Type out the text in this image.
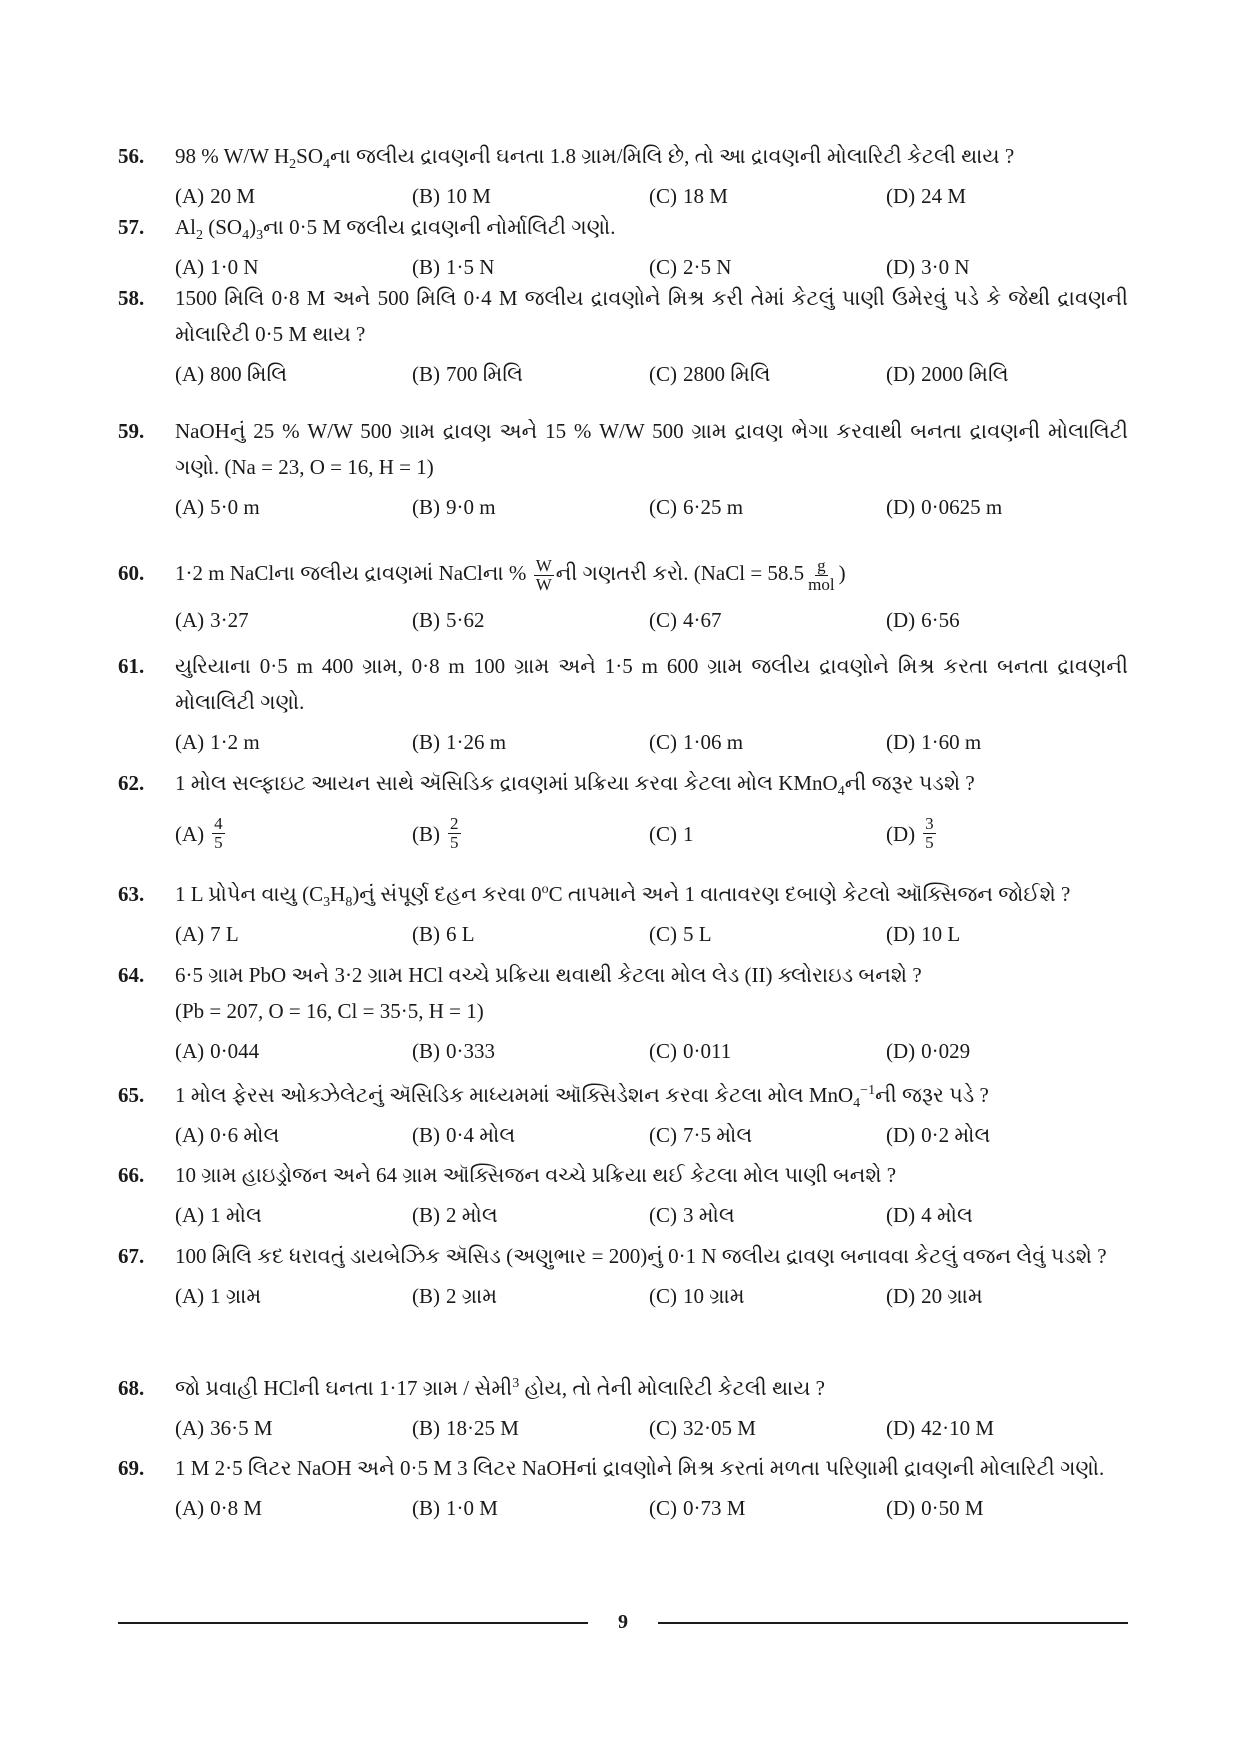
56.	98 % W/W $H_2SO_4ના$ જલીય દ્રાવણની ઘનતા 1.8 ગ્રામ/મિલિ છે, તો આ દ્રાવણની મોલારિટી કેટલી થાય ?
(A) 20 M	(B) 10 M	(C) 18 M	(D) 24 M
57.	$Al_2$ $(SO_4)_3ના$ 0·5 M જલીય દ્રાવણની નોર્માલિટી ગણો.
(A) 1·0 N	(B) 1·5 N	(C) 2·5 N	(D) 3·0 N
58.	1500 મિલિ 0·8 M અને 500 મિલિ 0·4 M જલીય દ્રાવણોને મિશ્ર કરી તેમાં કેટલું પાણી ઉમેરવું પડે કે જેથી દ્રાવણની મોલારિટી 0·5 M થાય ?
(A) 800 મિલિ	(B) 700 મિલિ	(C) 2800 મિલિ	(D) 2000 મિલિ
59.	NaOHનું 25 % W/W 500 ગ્રામ દ્રાવણ અને 15 % W/W 500 ગ્રામ દ્રાવણ ભેગા કરવાથી બનતા દ્રાવણની મોલાલિટી ગણો. (Na = 23, O = 16, H = 1)
(A) 5·0 m	(B) 9·0 m	(C) 6·25 m	(D) 0·0625 m
60.	1·2 m NaClના જલીય દ્રાવણમાં NaClના % $\frac{W}{W}$ ની ગણતરી કરો. (NaCl = $58.5 \frac{g}{\text{mol}}$ )
(A) 3·27	(B) 5·62	(C) 4·67	(D) 6·56
61.	યુરિયાના 0·5 m 400 ગ્રામ, 0·8 m 100 ગ્રામ અને 1·5 m 600 ગ્રામ જલીય દ્રાવણોને મિશ્ર કરતા બનતા દ્રાવણની મોલાલિટી ગણો.
(A) 1·2 m	(B) 1·26 m	(C) 1·06 m	(D) 1·60 m
62.	1 મોલ સલ્ફાઇટ આયન સાથે ઍસિડિક દ્રાવણમાં પ્રક્રિયા કરવા કેટલા મોલ KMnO$_4$ની જરૂર પડશે ?
$(A) \frac{4}{5}$	$(B) \frac{2}{5}$	(C) 1	$(D) \frac{3}{5}$
63.	1 L પ્રોપેન વાયુ $(C_3H_8)નું$ સંપૂર્ણ દહન કરવા 0$^o$C તાપમાને અને 1 વાતાવરણ દબાણે કેટલો ઑક્સિજન જોઈશે ?
(A) 7 L	(B) 6 L	(C) 5 L	(D) 10 L
64.	6·5 ગ્રામ PbO અને 3·2 ગ્રામ HCl વચ્ચે પ્રક્રિયા થવાથી કેટલા મોલ લેડ (II) ક્લોરાઇડ બનશે ?
(Pb = 207, O = 16, Cl = 35·5, H = 1)
(A) 0·044	(B) 0·333	(C) 0·011	(D) 0·029
65.	1 મોલ ફેરસ ઓક્ઝેલેટનું ઍસિડિક માધ્યમમાં ઑક્સિડેશન કરવા કેટલા મોલ MnO$_4^{-1}$ની જરૂર પડે ?
(A) 0·6 મોલ	(B) 0·4 મોલ	(C) 7·5 મોલ	(D) 0·2 મોલ
66.	10 ગ્રામ હાઇડ્રોજન અને 64 ગ્રામ ઑક્સિજન વચ્ચે પ્રક્રિયા થઈ કેટલા મોલ પાણી બનશે ?
(A) 1 મોલ	(B) 2 મોલ	(C) 3 મોલ	(D) 4 મોલ
67.	100 મિલિ કદ ધરાવતું ડાયબેઝિક ઍસિડ (અણુભાર = 200)નું 0·1 N જલીય દ્રાવણ બનાવવા કેટલું વજન લેવું પડશે ?
(A) 1 ગ્રામ	(B) 2 ગ્રામ	(C) 10 ગ્રામ	(D) 20 ગ્રામ
68.	જો પ્રવાહી HClની ઘનતા 1·17 ગ્રામ / સેમી$^3$ હોય, તો તેની મોલારિટી કેટલી થાય ?
(A) 36·5 M	(B) 18·25 M	(C) 32·05 M	(D) 42·10 M
69.	1 M 2·5 લિટર NaOH અને 0·5 M 3 લિટર NaOHનાં દ્રાવણોને મિશ્ર કરતાં મળતા પરિણામી દ્રાવણની મોલારિટી ગણો.
(A) 0·8 M	(B) 1·0 M	(C) 0·73 M	(D) 0·50 M
9
